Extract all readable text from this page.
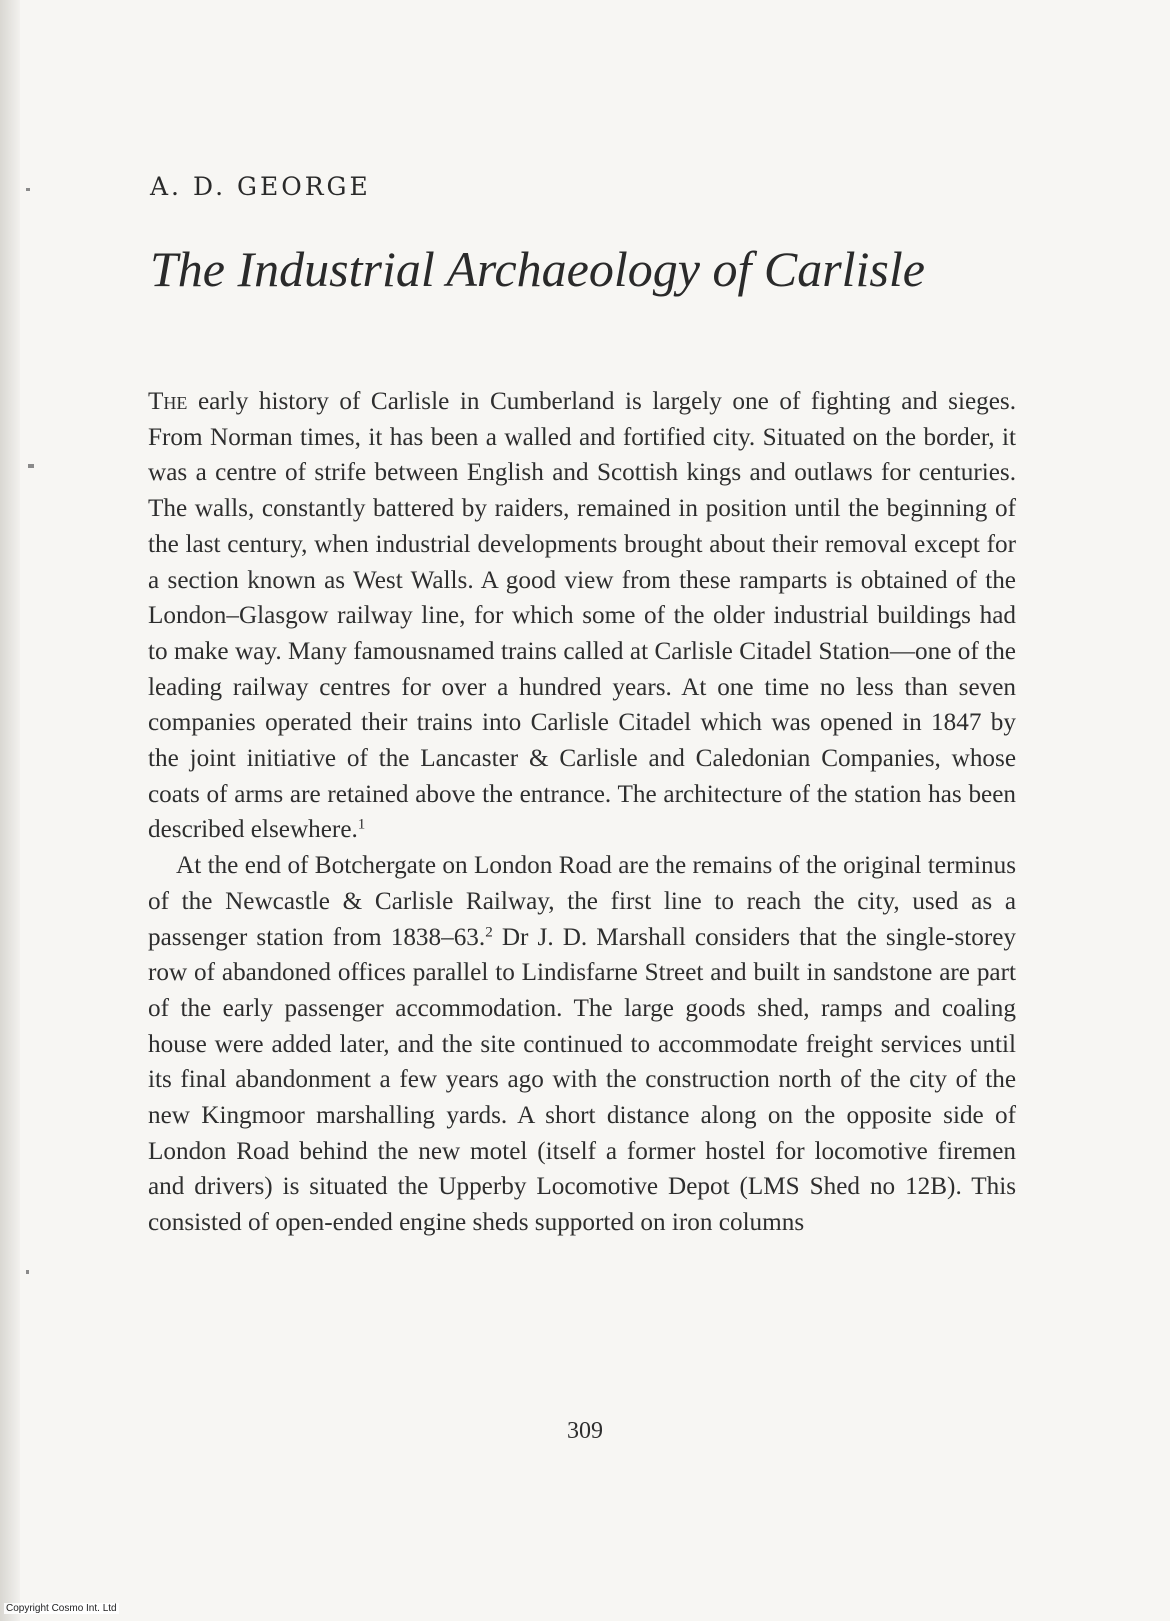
A. D. GEORGE
The Industrial Archaeology of Carlisle

The early history of Carlisle in Cumberland is largely one of fighting and sieges. From Norman times, it has been a walled and fortified city. Situated on the border, it was a centre of strife between English and Scottish kings and outlaws for centuries. The walls, constantly battered by raiders, remained in position until the beginning of the last century, when industrial developments brought about their removal except for a section known as West Walls. A good view from these ramparts is obtained of the London–Glasgow railway line, for which some of the older industrial buildings had to make way. Many famousnamed trains called at Carlisle Citadel Station—one of the leading railway centres for over a hundred years. At one time no less than seven companies operated their trains into Carlisle Citadel which was opened in 1847 by the joint initiative of the Lancaster & Carlisle and Caledonian Companies, whose coats of arms are retained above the entrance. The architecture of the station has been described elsewhere.$^1$

At the end of Botchergate on London Road are the remains of the original terminus of the Newcastle & Carlisle Railway, the first line to reach the city, used as a passenger station from 1838–63.$^2$ Dr J. D. Marshall considers that the single-storey row of abandoned offices parallel to Lindisfarne Street and built in sandstone are part of the early passenger accommodation. The large goods shed, ramps and coaling house were added later, and the site continued to accommodate freight services until its final abandonment a few years ago with the construction north of the city of the new Kingmoor marshalling yards. A short distance along on the opposite side of London Road behind the new motel (itself a former hostel for locomotive firemen and drivers) is situated the Upperby Locomotive Depot (LMS Shed no 12B). This consisted of open-ended engine sheds supported on iron columns

309
Copyright Cosmo Int. Ltd
